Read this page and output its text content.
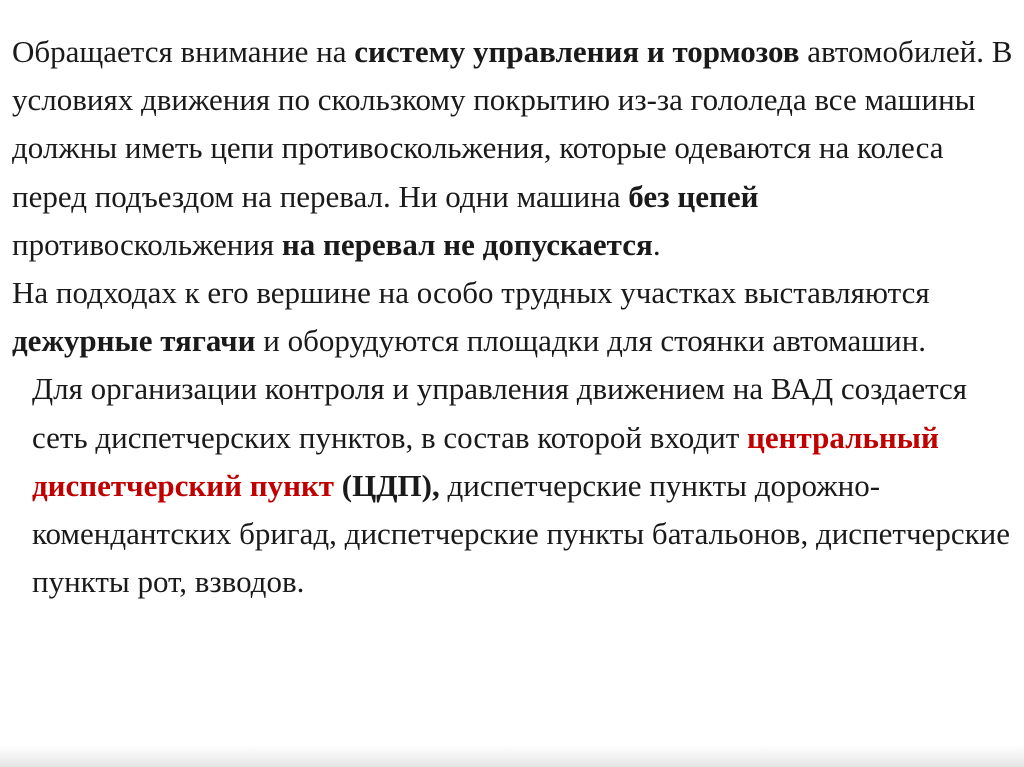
Обращается внимание на систему управления и тормозов автомобилей. В условиях движения по скользкому покрытию из-за гололеда все машины должны иметь цепи противоскольжения, которые одеваются на колеса перед подъездом на перевал. Ни одни машина без цепей противоскольжения на перевал не допускается.
На подходах к его вершине на особо трудных участках выставляются дежурные тягачи и оборудуются площадки для стоянки автомашин.

Для организации контроля и управления движением на ВАД создается сеть диспетчерских пунктов, в состав которой входит центральный диспетчерский пункт (ЦДП), диспетчерские пункты дорожно-комендантских бригад, диспетчерские пункты батальонов, диспетчерские пункты рот, взводов.
